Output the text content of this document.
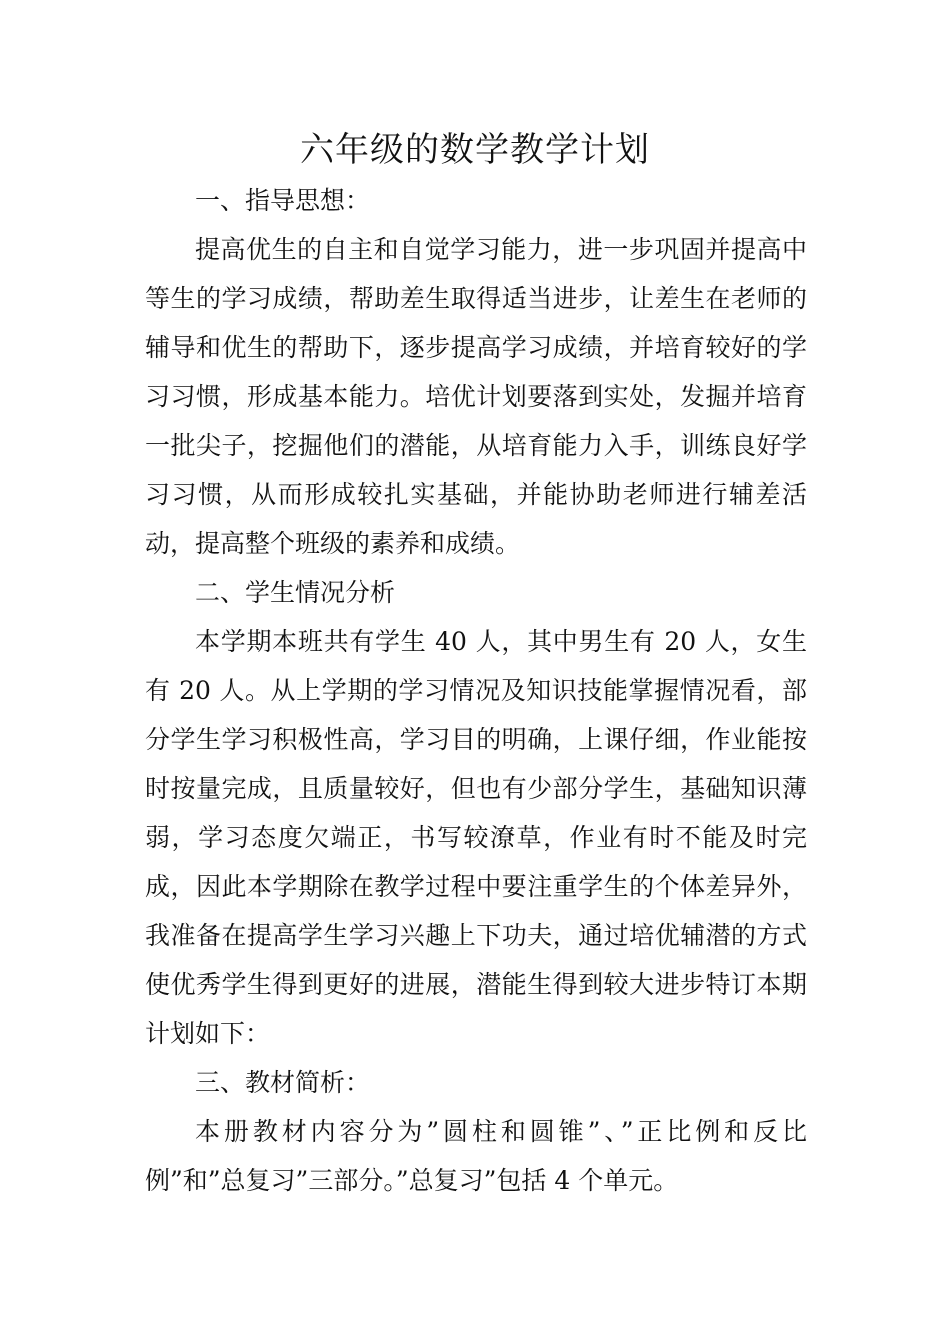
六年级的数学教学计划

一、指导思想：

提高优生的自主和自觉学习能力，进一步巩固并提高中等生的学习成绩，帮助差生取得适当进步，让差生在老师的辅导和优生的帮助下，逐步提高学习成绩，并培育较好的学习习惯，形成基本能力。培优计划要落到实处，发掘并培育一批尖子，挖掘他们的潜能，从培育能力入手，训练良好学习习惯，从而形成较扎实基础，并能协助老师进行辅差活动，提高整个班级的素养和成绩。

二、学生情况分析

本学期本班共有学生 40 人，其中男生有 20 人，女生有 20 人。从上学期的学习情况及知识技能掌握情况看，部分学生学习积极性高，学习目的明确，上课仔细，作业能按时按量完成，且质量较好，但也有少部分学生，基础知识薄弱，学习态度欠端正，书写较潦草，作业有时不能及时完成，因此本学期除在教学过程中要注重学生的个体差异外，我准备在提高学生学习兴趣上下功夫，通过培优辅潜的方式使优秀学生得到更好的进展，潜能生得到较大进步特订本期计划如下：

三、教材简析：

本册教材内容分为”圆柱和圆锥”、”正比例和反比例”和”总复习”三部分。”总复习”包括 4 个单元。
